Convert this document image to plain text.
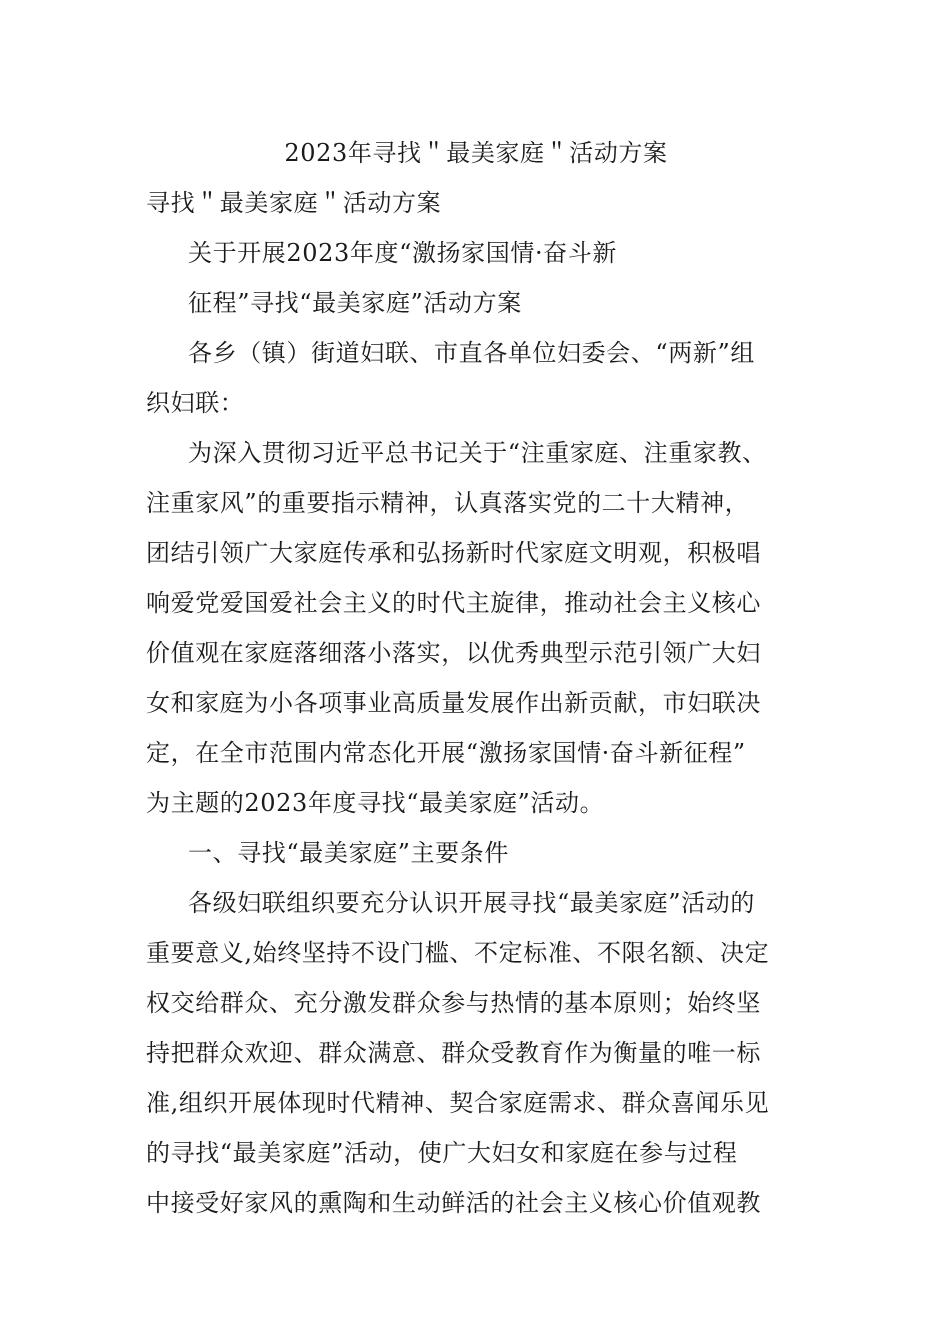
2023年寻找＂最美家庭＂活动方案
寻找＂最美家庭＂活动方案
关于开展2023年度“激扬家国情·奋斗新
征程”寻找“最美家庭”活动方案
各乡（镇）街道妇联、市直各单位妇委会、“两新”组
织妇联：
为深入贯彻习近平总书记关于“注重家庭、注重家教、
注重家风”的重要指示精神，认真落实党的二十大精神，
团结引领广大家庭传承和弘扬新时代家庭文明观，积极唱
响爱党爱国爱社会主义的时代主旋律，推动社会主义核心
价值观在家庭落细落小落实，以优秀典型示范引领广大妇
女和家庭为小各项事业高质量发展作出新贡献，市妇联决
定，在全市范围内常态化开展“激扬家国情·奋斗新征程”
为主题的2023年度寻找“最美家庭”活动。
一、寻找“最美家庭”主要条件
各级妇联组织要充分认识开展寻找“最美家庭”活动的
重要意义,始终坚持不设门槛、不定标准、不限名额、决定
权交给群众、充分激发群众参与热情的基本原则；始终坚
持把群众欢迎、群众满意、群众受教育作为衡量的唯一标
准,组织开展体现时代精神、契合家庭需求、群众喜闻乐见
的寻找“最美家庭”活动，使广大妇女和家庭在参与过程
中接受好家风的熏陶和生动鲜活的社会主义核心价值观教
